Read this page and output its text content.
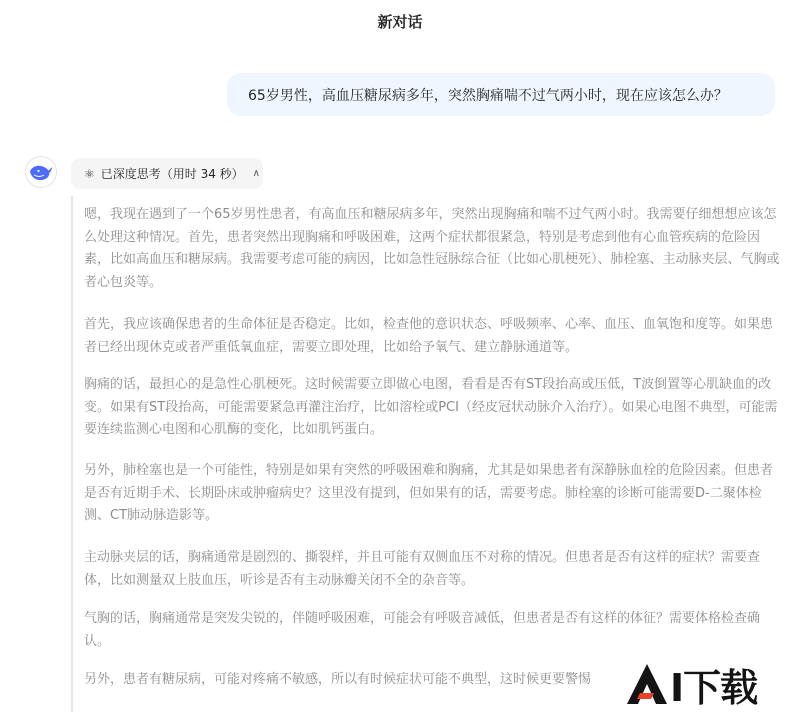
新对话
65岁男性，高血压糖尿病多年，突然胸痛喘不过气两小时，现在应该怎么办？
⚛ 已深度思考（用时 34 秒） ∧

嗯，我现在遇到了一个65岁男性患者，有高血压和糖尿病多年，突然出现胸痛和喘不过气两小时。我需要仔细想想应该怎么处理这种情况。首先，患者突然出现胸痛和呼吸困难，这两个症状都很紧急，特别是考虑到他有心血管疾病的危险因素，比如高血压和糖尿病。我需要考虑可能的病因，比如急性冠脉综合征（比如心肌梗死）、肺栓塞、主动脉夹层、气胸或者心包炎等。

首先，我应该确保患者的生命体征是否稳定。比如，检查他的意识状态、呼吸频率、心率、血压、血氧饱和度等。如果患者已经出现休克或者严重低氧血症，需要立即处理，比如给予氧气、建立静脉通道等。

胸痛的话，最担心的是急性心肌梗死。这时候需要立即做心电图，看看是否有ST段抬高或压低，T波倒置等心肌缺血的改变。如果有ST段抬高，可能需要紧急再灌注治疗，比如溶栓或PCI（经皮冠状动脉介入治疗）。如果心电图不典型，可能需要连续监测心电图和心肌酶的变化，比如肌钙蛋白。

另外，肺栓塞也是一个可能性，特别是如果有突然的呼吸困难和胸痛，尤其是如果患者有深静脉血栓的危险因素。但患者是否有近期手术、长期卧床或肿瘤病史？这里没有提到，但如果有的话，需要考虑。肺栓塞的诊断可能需要D-二聚体检测、CT肺动脉造影等。

主动脉夹层的话，胸痛通常是剧烈的、撕裂样，并且可能有双侧血压不对称的情况。但患者是否有这样的症状？需要查体，比如测量双上肢血压，听诊是否有主动脉瓣关闭不全的杂音等。

气胸的话，胸痛通常是突发尖锐的，伴随呼吸困难，可能会有呼吸音减低，但患者是否有这样的体征？需要体格检查确认。

另外，患者有糖尿病，可能对疼痛不敏感，所以有时候症状可能不典型，这时候更要警惕	I下载
